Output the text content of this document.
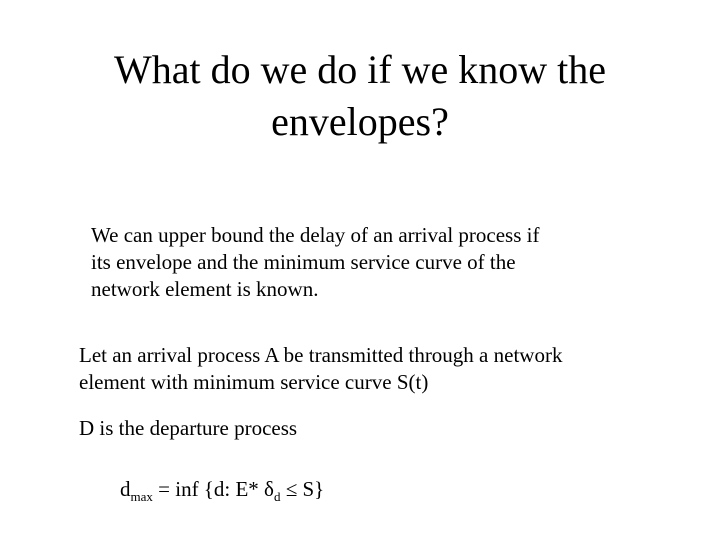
What do we do if we know the
envelopes?

We can upper bound the delay of an arrival process if
its envelope and the minimum service curve of the
network element is known.

Let an arrival process A be transmitted through a network
element with minimum service curve S(t)

D is the departure process

$d_{max}$ = inf {d: E* $\delta_d \le S$}
